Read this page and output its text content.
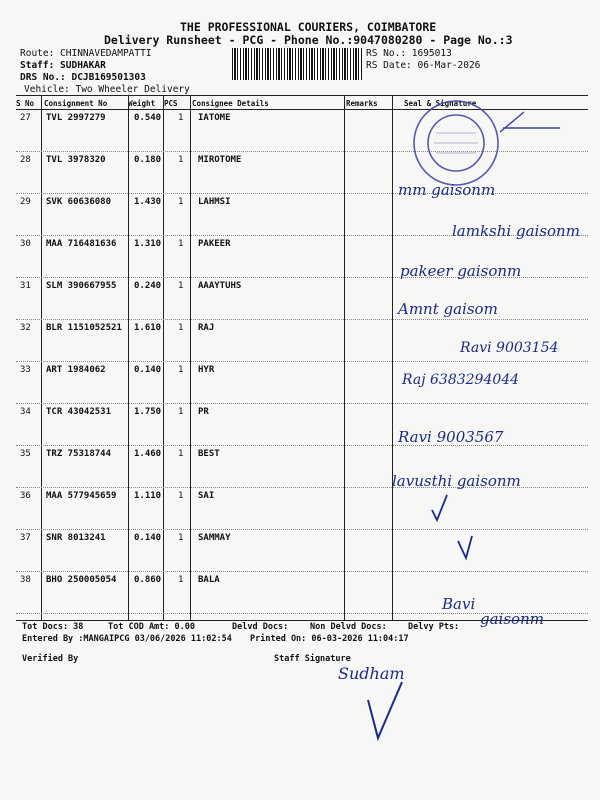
THE PROFESSIONAL COURIERS, COIMBATORE
Delivery Runsheet - PCG - Phone No.:9047080280 - Page No.:3
Route: CHINNAVEDAMPATTI
Staff: SUDHAKAR
DRS No.: DCJB169501303
Vehicle: Two Wheeler Delivery
RS No.: 1695013
RS Date: 06-Mar-2026
S No Consignment No	Weight PCS Consignee Details	Remarks	Seal & Signature
27 TVL 2997279	0.540 1 IATOME
28 TVL 3978320	0.180 1 MIROTOME
29 SVK 60636080	1.430 1 LAHMSI
30 MAA 716481636 1.310 1 PAKEER
31 SLM 390667955 0.240 1 AAAYTUHS
32 BLR 1151052521 1.610 1 RAJ
33 ART 1984062	0.140 1 HYR
34 TCR 43042531	1.750 1 PR
35 TRZ 75318744	1.460 1 BEST
36 MAA 577945659 1.110 1 SAI
37 SNR 8013241	0.140 1 SAMMAY
38 BHO 250005054 0.860 1 BALA
mm gaisonm
lamkshi gaisonm
pakeer gaisonm
Amnt gaisom
Ravi 9003154
Raj 6383294044
Ravi 9003567
lavusthi gaisonm
Bavi
gaisonm
Tot Docs: 38	Tot COD Amt: 0.00	Delvd Docs:	Non Delvd Docs: Delvy Pts:
Entered By :MANGAIPCG 03/06/2026 11:02:54 Printed On: 06-03-2026 11:04:17
Verified By	Staff Signature
Sudham
